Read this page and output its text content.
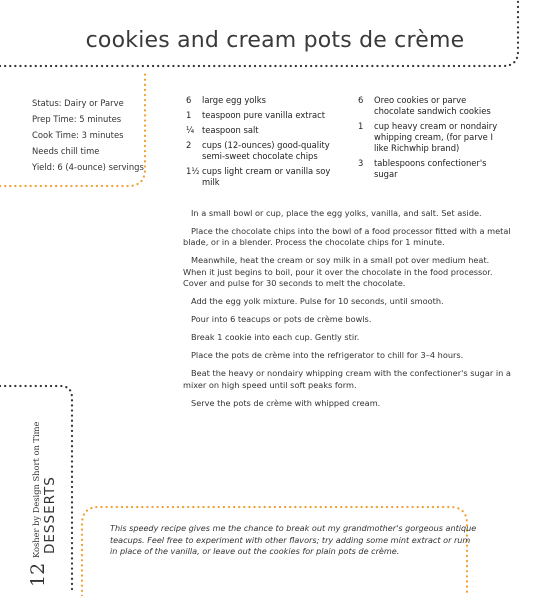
cookies and cream pots de crème
Status: Dairy or Parve
Prep Time: 5 minutes
Cook Time: 3 minutes
Needs chill time
Yield: 6 (4-ounce) servings
6	large egg yolks
1	teaspoon pure vanilla extract
¼ teaspoon salt
2	cups (12-ounces) good-quality semi-sweet chocolate chips
1½ cups light cream or vanilla soy milk
6	Oreo cookies or parve chocolate sandwich cookies
1	cup heavy cream or nondairy whipping cream, (for parve I like Richwhip brand)
3	tablespoons confectioner's sugar

In a small bowl or cup, place the egg yolks, vanilla, and salt. Set aside.

Place the chocolate chips into the bowl of a food processor fitted with a metal blade, or in a blender. Process the chocolate chips for 1 minute.

Meanwhile, heat the cream or soy milk in a small pot over medium heat. When it just begins to boil, pour it over the chocolate in the food processor. Cover and pulse for 30 seconds to melt the chocolate.

Add the egg yolk mixture. Pulse for 10 seconds, until smooth.

Pour into 6 teacups or pots de crème bowls.

Break 1 cookie into each cup. Gently stir.

Place the pots de crème into the refrigerator to chill for 3–4 hours.

Beat the heavy or nondairy whipping cream with the confectioner's sugar in a mixer on high speed until soft peaks form.

Serve the pots de crème with whipped cream.

This speedy recipe gives me the chance to break out my grandmother's gorgeous antique teacups. Feel free to experiment with other flavors; try adding some mint extract or rum in place of the vanilla, or leave out the cookies for plain pots de crème.

12
Kosher by Design Short on Time DESSERTS
